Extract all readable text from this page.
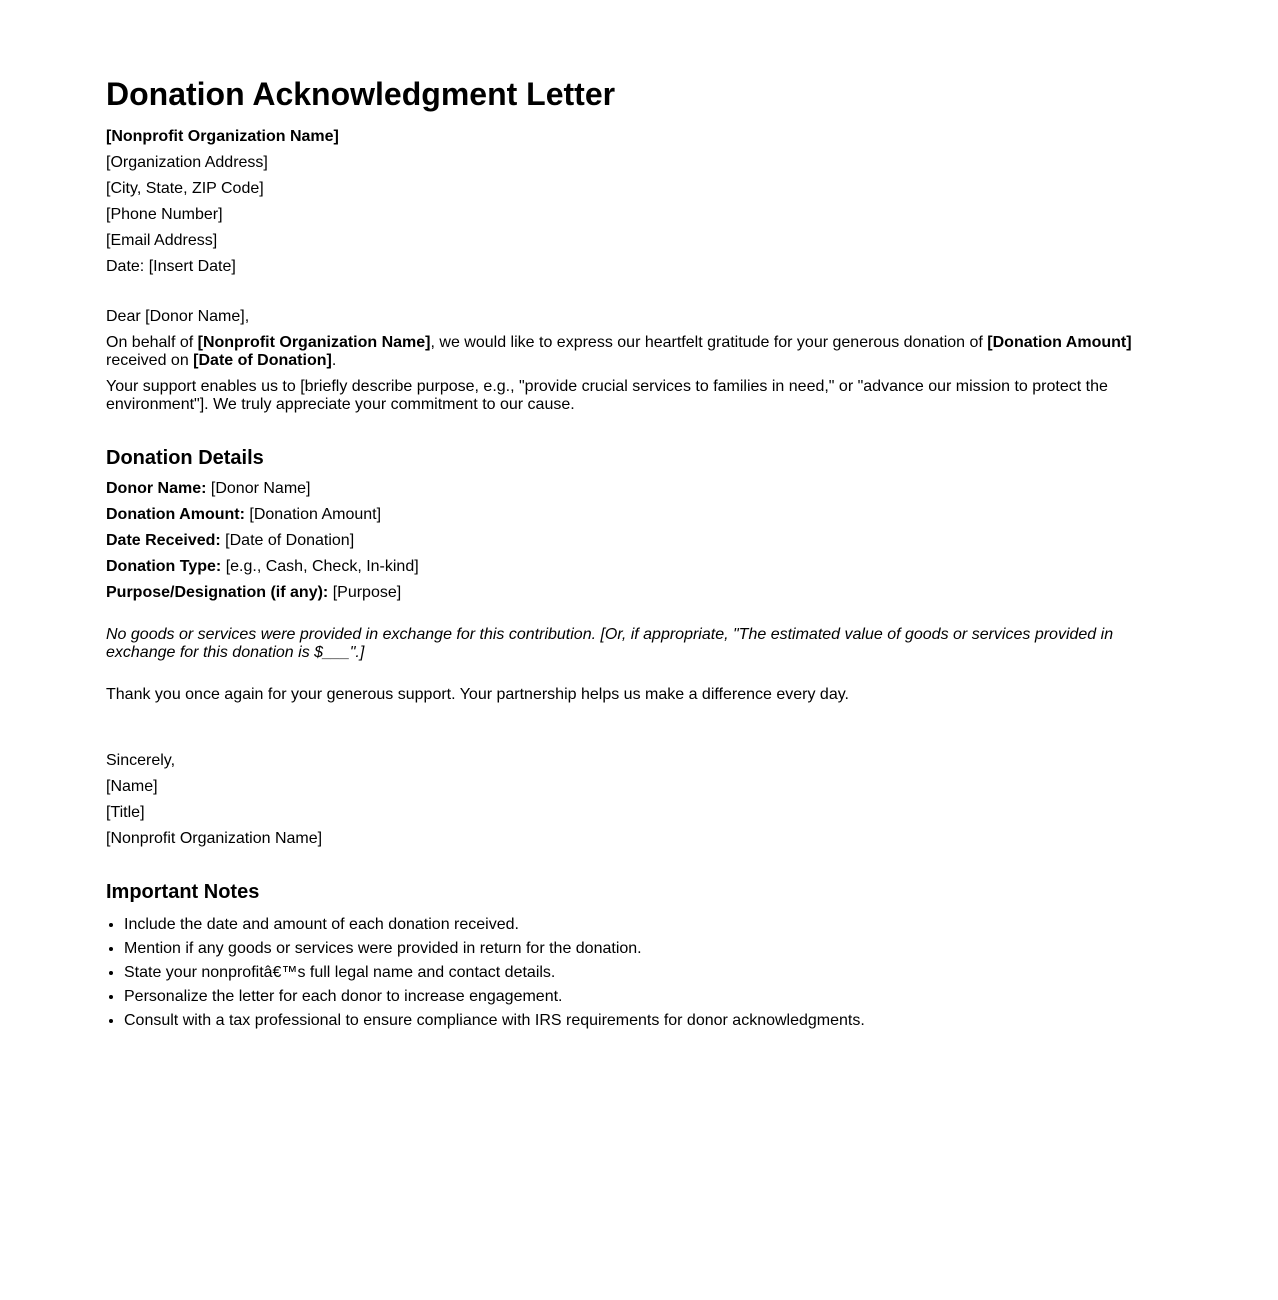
Donation Acknowledgment Letter
[Nonprofit Organization Name]
[Organization Address]
[City, State, ZIP Code]
[Phone Number]
[Email Address]
Date: [Insert Date]
Dear [Donor Name],
On behalf of [Nonprofit Organization Name], we would like to express our heartfelt gratitude for your generous donation of [Donation Amount] received on [Date of Donation].
Your support enables us to [briefly describe purpose, e.g., "provide crucial services to families in need," or "advance our mission to protect the environment"]. We truly appreciate your commitment to our cause.
Donation Details
Donor Name: [Donor Name]
Donation Amount: [Donation Amount]
Date Received: [Date of Donation]
Donation Type: [e.g., Cash, Check, In-kind]
Purpose/Designation (if any): [Purpose]
No goods or services were provided in exchange for this contribution. [Or, if appropriate, "The estimated value of goods or services provided in exchange for this donation is $___".]
Thank you once again for your generous support. Your partnership helps us make a difference every day.
Sincerely,
[Name]
[Title]
[Nonprofit Organization Name]
Important Notes
• Include the date and amount of each donation received.
• Mention if any goods or services were provided in return for the donation.
• State your nonprofitâ€™s full legal name and contact details.
• Personalize the letter for each donor to increase engagement.
• Consult with a tax professional to ensure compliance with IRS requirements for donor acknowledgments.
